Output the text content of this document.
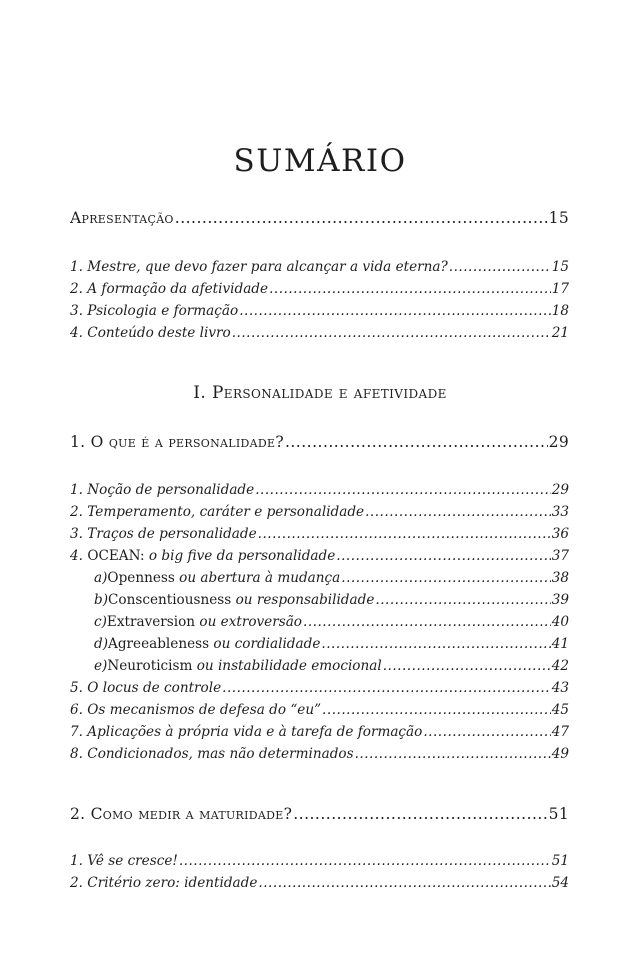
SUMÁRIO
Apresentação .....	15
1. Mestre, que devo fazer para alcançar a vida eterna? .....	15
2. A formação da afetividade .....	17
3. Psicologia e formação .....	18
4. Conteúdo deste livro .....	21
I. Personalidade e afetividade
1. O que é a personalidade? .....	29
1. Noção de personalidade .....	29
2. Temperamento, caráter e personalidade .....	33
3. Traços de personalidade .....	36
4. OCEAN: o big five da personalidade .....	37
a)Openness ou abertura à mudança .....	38
b)Conscentiousness ou responsabilidade .....	39
c)Extraversion ou extroversão .....	40
d)Agreeableness ou cordialidade .....	41
e)Neuroticism ou instabilidade emocional .....	42
5. O locus de controle .....	43
6. Os mecanismos de defesa do “eu” .....	45
7. Aplicações à própria vida e à tarefa de formação .....	47
8. Condicionados, mas não determinados .....	49
2. Como medir a maturidade? .....	51
1. Vê se cresce! .....	51
2. Critério zero: identidade .....	54
